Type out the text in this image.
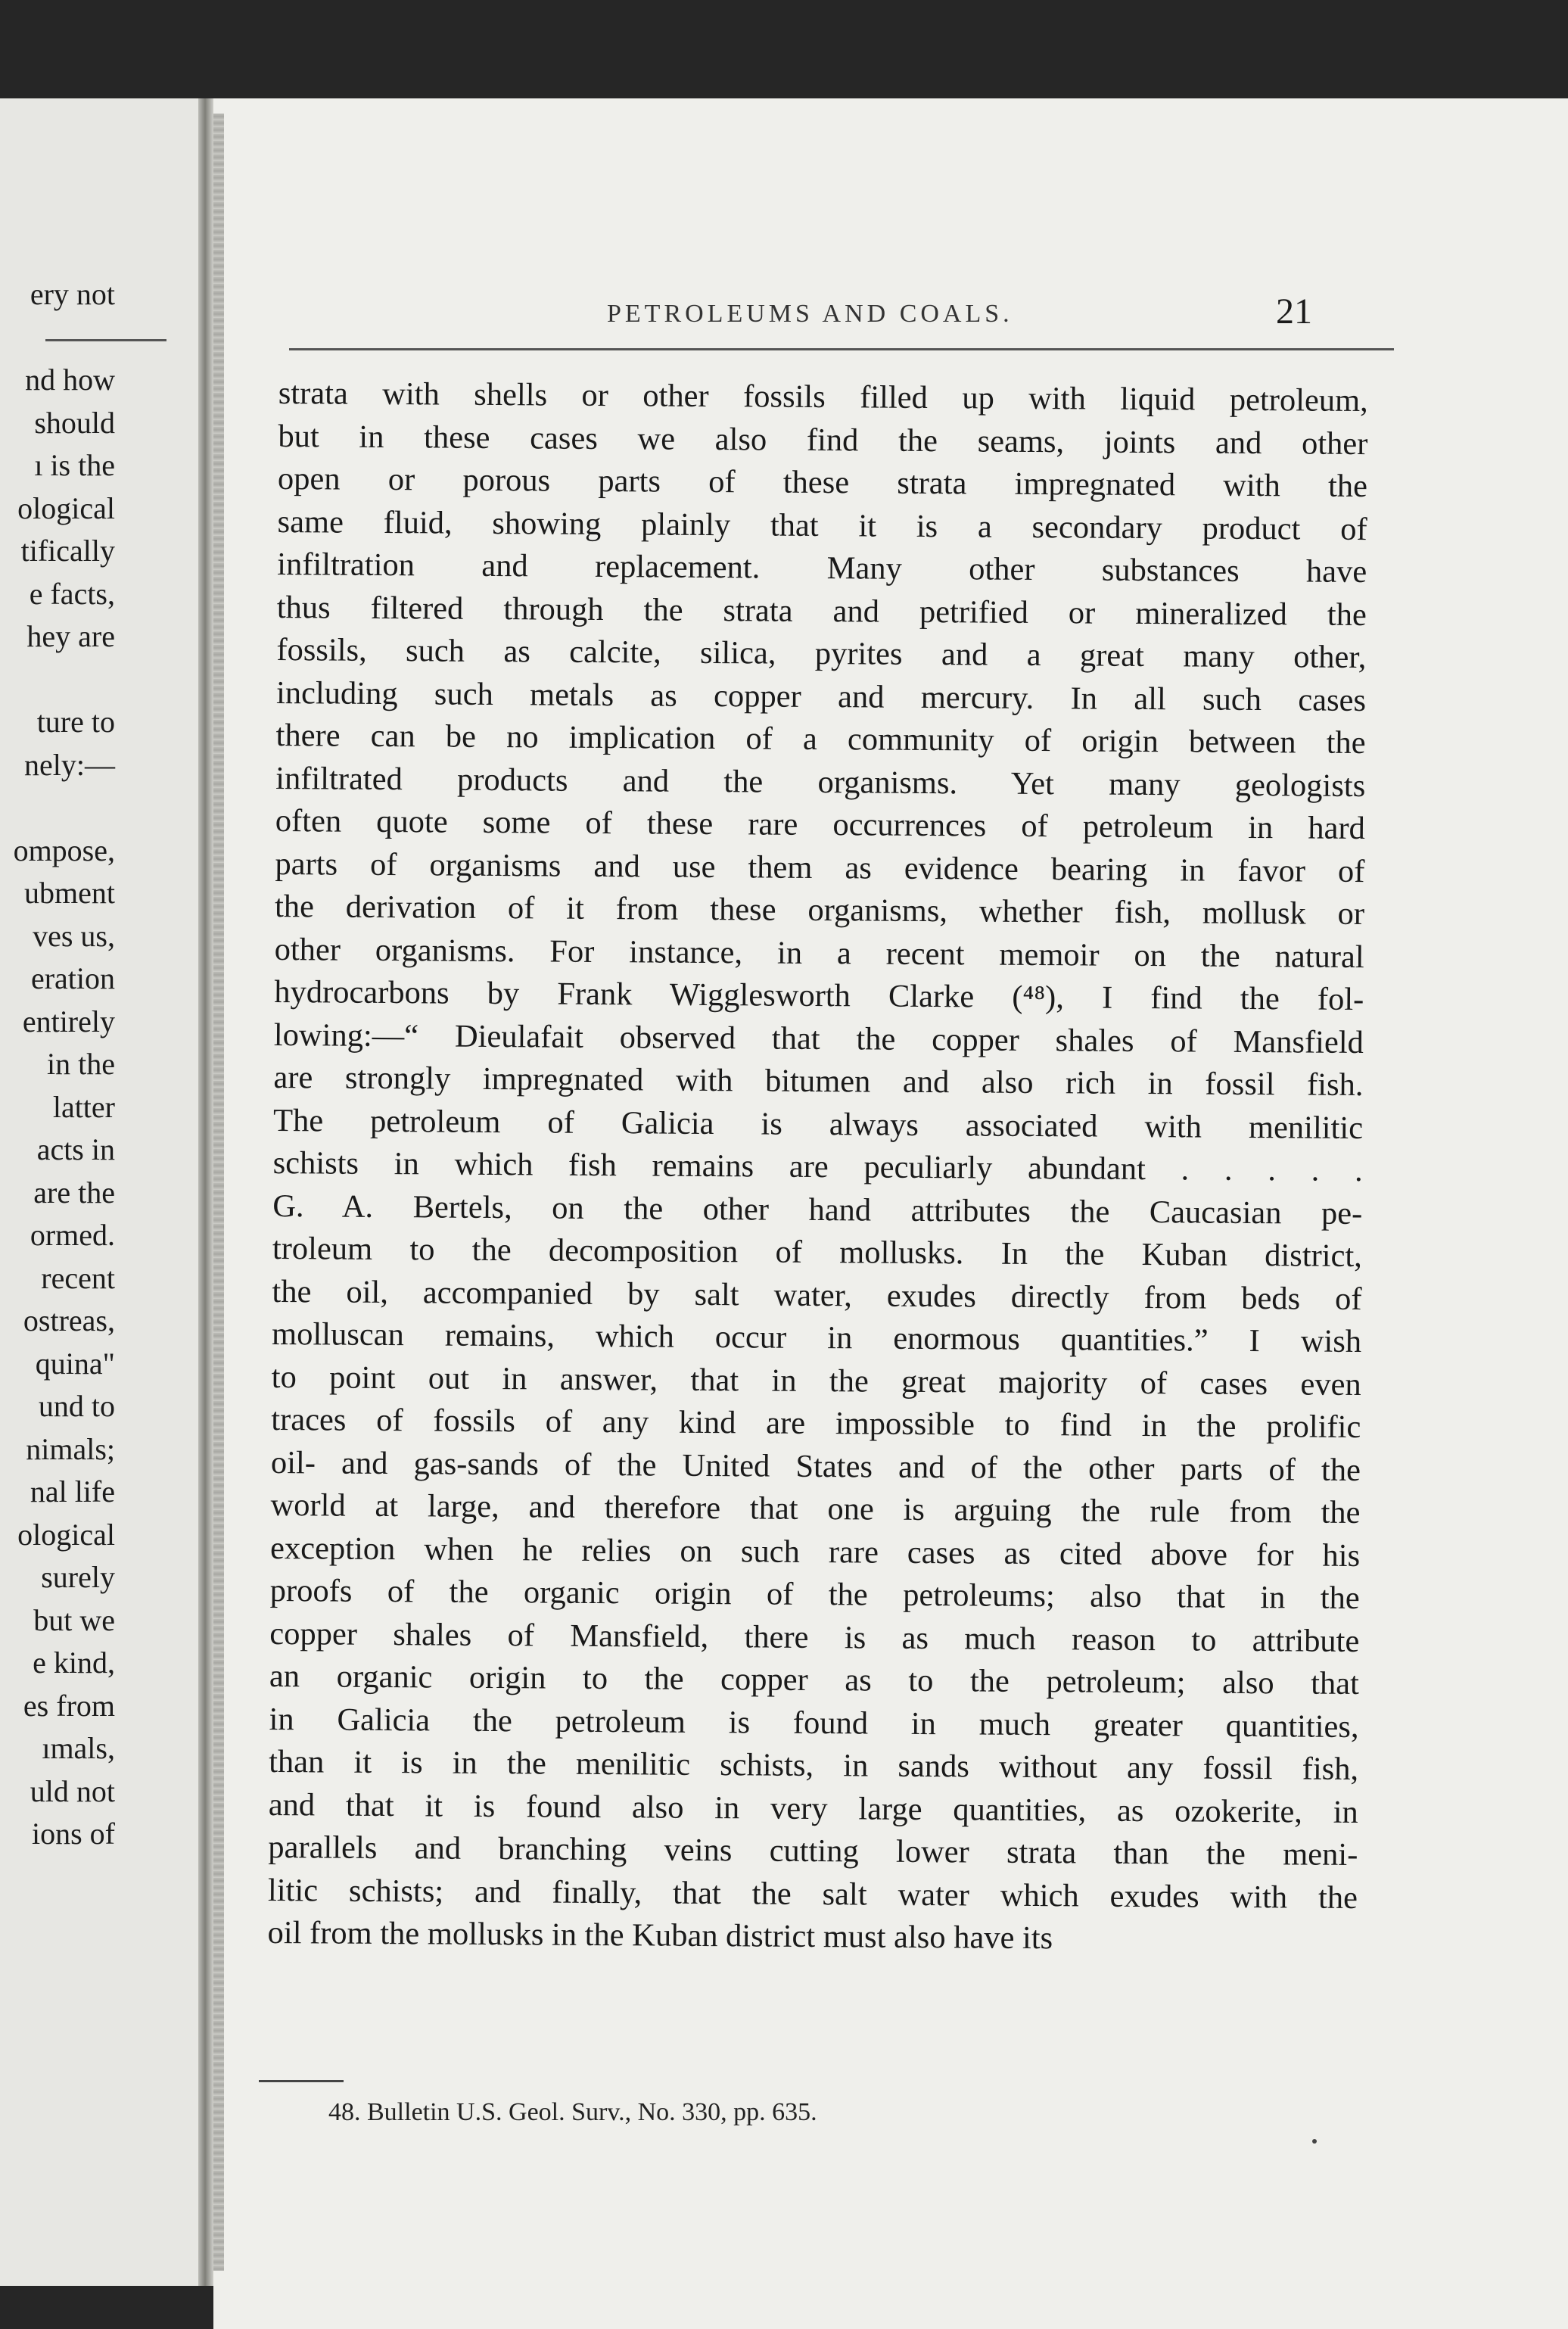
ery not
nd how
should
ı is the
ological
tifically
e facts,
hey are
ture to
nely:—
ompose,
ubment
ves us,
eration
entirely
in the
latter
acts in
are the
ormed.
recent
ostreas,
quina"
und to
nimals;
nal life
ological
surely
but we
e kind,
es from
ımals,
uld not
ions of
PETROLEUMS AND COALS.	21
strata with shells or other fossils filled up with liquid petroleum,
but in these cases we also find the seams, joints and other
open or porous parts of these strata impregnated with the
same fluid, showing plainly that it is a secondary product of
infiltration and replacement. Many other substances have
thus filtered through the strata and petrified or mineralized the
fossils, such as calcite, silica, pyrites and a great many other,
including such metals as copper and mercury. In all such cases
there can be no implication of a community of origin between the
infiltrated products and the organisms. Yet many geologists
often quote some of these rare occurrences of petroleum in hard
parts of organisms and use them as evidence bearing in favor of
the derivation of it from these organisms, whether fish, mollusk or
other organisms. For instance, in a recent memoir on the natural
hydrocarbons by Frank Wigglesworth Clarke (⁴⁸), I find the fol-
lowing:—“ Dieulafait observed that the copper shales of Mansfield
are strongly impregnated with bitumen and also rich in fossil fish.
The petroleum of Galicia is always associated with menilitic
schists in which fish remains are peculiarly abundant . . . . .
G. A. Bertels, on the other hand attributes the Caucasian pe-
troleum to the decomposition of mollusks. In the Kuban district,
the oil, accompanied by salt water, exudes directly from beds of
molluscan remains, which occur in enormous quantities.” I wish
to point out in answer, that in the great majority of cases even
traces of fossils of any kind are impossible to find in the prolific
oil- and gas-sands of the United States and of the other parts of the
world at large, and therefore that one is arguing the rule from the
exception when he relies on such rare cases as cited above for his
proofs of the organic origin of the petroleums; also that in the
copper shales of Mansfield, there is as much reason to attribute
an organic origin to the copper as to the petroleum; also that
in Galicia the petroleum is found in much greater quantities,
than it is in the menilitic schists, in sands without any fossil fish,
and that it is found also in very large quantities, as ozokerite, in
parallels and branching veins cutting lower strata than the meni-
litic schists; and finally, that the salt water which exudes with the
oil from the mollusks in the Kuban district must also have its
48. Bulletin U.S. Geol. Surv., No. 330, pp. 635.
